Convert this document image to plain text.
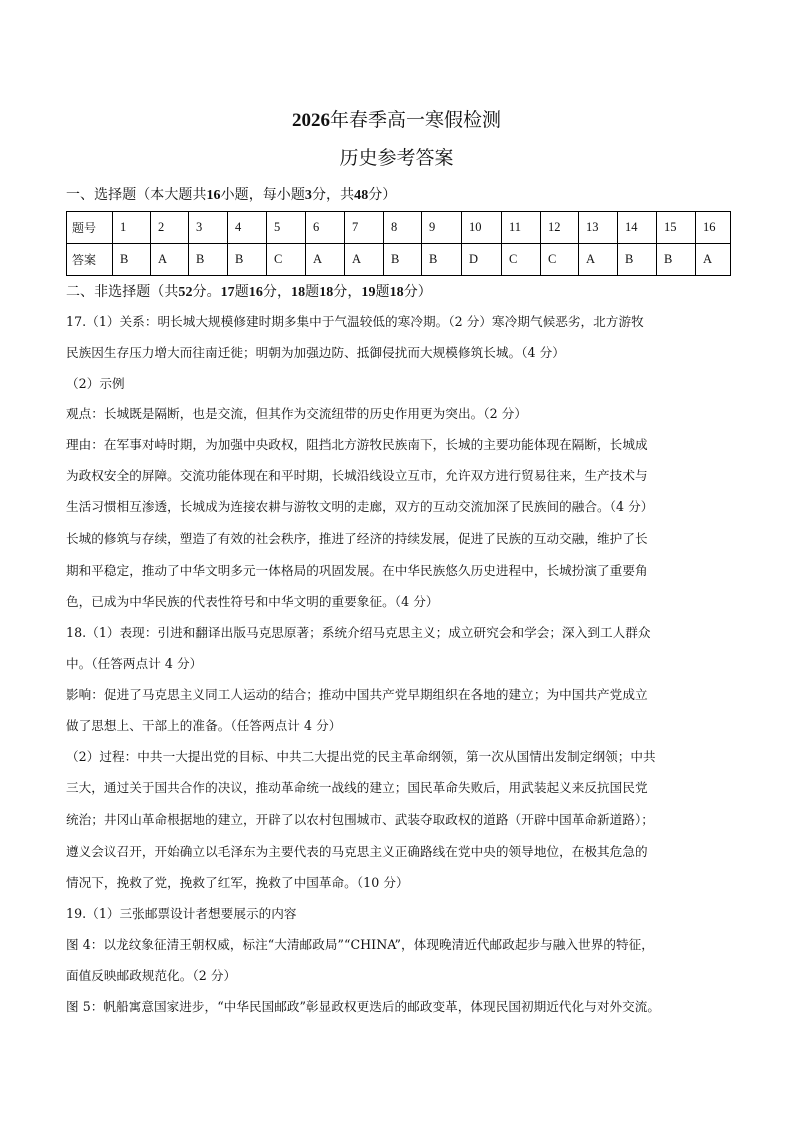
2026年春季高一寒假检测
历史参考答案
一、选择题（本大题共16小题，每小题3分，共48分）
题号	1	2	3	4	5	6	7	8	9	10	11	12	13	14	15	16
答案	B	A	B	B	C	A	A	B	B	D	C	C	A	B	B	A
二、非选择题（共52分。17题16分，18题18分，19题18分）
17.（1）关系：明长城大规模修建时期多集中于气温较低的寒冷期。（2 分）寒冷期气候恶劣，北方游牧
民族因生存压力增大而往南迁徙；明朝为加强边防、抵御侵扰而大规模修筑长城。（4 分）
（2）示例
观点：长城既是隔断，也是交流，但其作为交流纽带的历史作用更为突出。（2 分）
理由：在军事对峙时期，为加强中央政权，阻挡北方游牧民族南下，长城的主要功能体现在隔断，长城成
为政权安全的屏障。交流功能体现在和平时期，长城沿线设立互市，允许双方进行贸易往来，生产技术与
生活习惯相互渗透，长城成为连接农耕与游牧文明的走廊，双方的互动交流加深了民族间的融合。（4 分）
长城的修筑与存续，塑造了有效的社会秩序，推进了经济的持续发展，促进了民族的互动交融，维护了长
期和平稳定，推动了中华文明多元一体格局的巩固发展。在中华民族悠久历史进程中，长城扮演了重要角
色，已成为中华民族的代表性符号和中华文明的重要象征。（4 分）
18.（1）表现：引进和翻译出版马克思原著；系统介绍马克思主义；成立研究会和学会；深入到工人群众
中。（任答两点计 4 分）
影响：促进了马克思主义同工人运动的结合；推动中国共产党早期组织在各地的建立；为中国共产党成立
做了思想上、干部上的准备。（任答两点计 4 分）
（2）过程：中共一大提出党的目标、中共二大提出党的民主革命纲领，第一次从国情出发制定纲领；中共
三大，通过关于国共合作的决议，推动革命统一战线的建立；国民革命失败后，用武装起义来反抗国民党
统治；井冈山革命根据地的建立，开辟了以农村包围城市、武装夺取政权的道路（开辟中国革命新道路）；
遵义会议召开，开始确立以毛泽东为主要代表的马克思主义正确路线在党中央的领导地位，在极其危急的
情况下，挽救了党，挽救了红军，挽救了中国革命。（10 分）
19.（1）三张邮票设计者想要展示的内容
图 4：以龙纹象征清王朝权威，标注“大清邮政局”“CHINA”，体现晚清近代邮政起步与融入世界的特征，
面值反映邮政规范化。（2 分）
图 5：帆船寓意国家进步，“中华民国邮政”彰显政权更迭后的邮政变革，体现民国初期近代化与对外交流。
